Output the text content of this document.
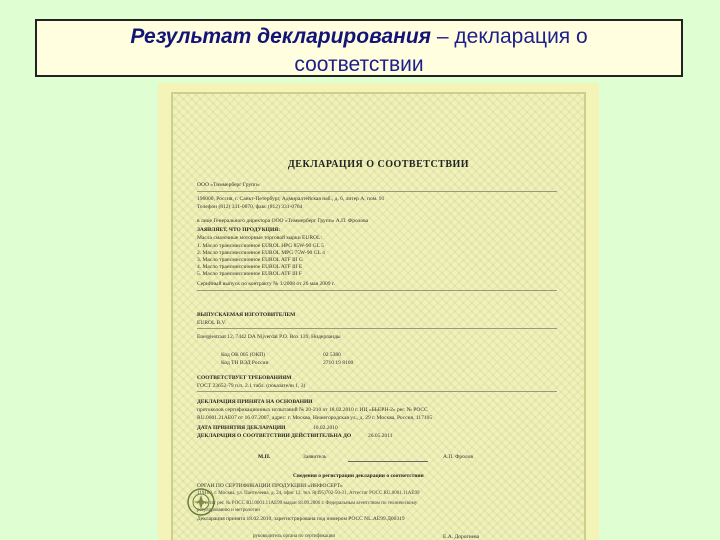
Результат декларирования – декларация о
соответствии
ДЕКЛАРАЦИЯ О СООТВЕТСТВИИ
ООО «Тиммерберг Групп»
196000, Россия, г. Санкт-Петербург, Адмиралтейская наб., д. 6, литер А, пом. 91
Телефон (812) 331-0670, факс (812) 331-0764
в лице Генерального директора ООО «Тиммерберг Групп» А.П. Фролова
ЗАЯВЛЯЕТ, ЧТО ПРОДУКЦИЯ:
Масла смазочные моторные торговой марки EUROL:
1. Масло трансмиссионное EUROL HPG 85W-90 GL 5
2. Масло трансмиссионное EUROL MPG 75W-90 GL 4
3. Масло трансмиссионное EUROL ATF III G
4. Масло трансмиссионное EUROL ATF III E
5. Масло трансмиссионное EUROL ATF III F
Серийный выпуск по контракту № 1/2008 от 26 мая 2009 г.
ВЫПУСКАЕМАЯ ИЗГОТОВИТЕЛЕМ
EUROL B.V.
Energiestraat 12, 7442 DA Nijverdal P.O. Box 139, Нидерланды
Код ОК 005 (ОКП)	02 5380
Код ТН ВЭД России	2710 19 8100
СООТВЕТСТВУЕТ ТРЕБОВАНИЯМ
ГОСТ 23652-79 п.п. 2.1 табл. (показатели 1, 3)
ДЕКЛАРАЦИЯ ПРИНЯТА НА ОСНОВАНИИ
протоколов сертификационных испытаний № 20-210 от 18.02.2010 г. ИЦ «БЬЕРН-2» рег. № РОСС
RU.0001.21АЕ07 от 16.07.2007, адрес: г. Москва, Нижегородская ул., д. 29 г. Москва, Россия, 117105
ДАТА ПРИНЯТИЯ ДЕКЛАРАЦИИ	10.02.2010
ДЕКЛАРАЦИЯ О СООТВЕТСТВИИ ДЕЙСТВИТЕЛЬНА ДО	26.05.2011
М.П.	Заявитель	А.П. Фролов
Сведения о регистрации декларации о соответствии
ОРГАН ПО СЕРТИФИКАЦИИ ПРОДУКЦИИ «ИНФОСЕРТ»
119180, г. Москва, ул. Пантелеева, д. 24, офис 12, тел. 8(495)702-50-31, Аттестат РОСС RU.0001.11АЕ99
Аттестат рег. № РОСС RU.0001.11АЕ99 выдан 18.09.2006 г. Федеральным агентством по техническому
регулированию и метрологии
Декларация принята 18.02.2010, зарегистрирована под номером РОСС NL.АЕ99.Д00319
руководитель органа по сертификации	Е.А. Дорогиева
